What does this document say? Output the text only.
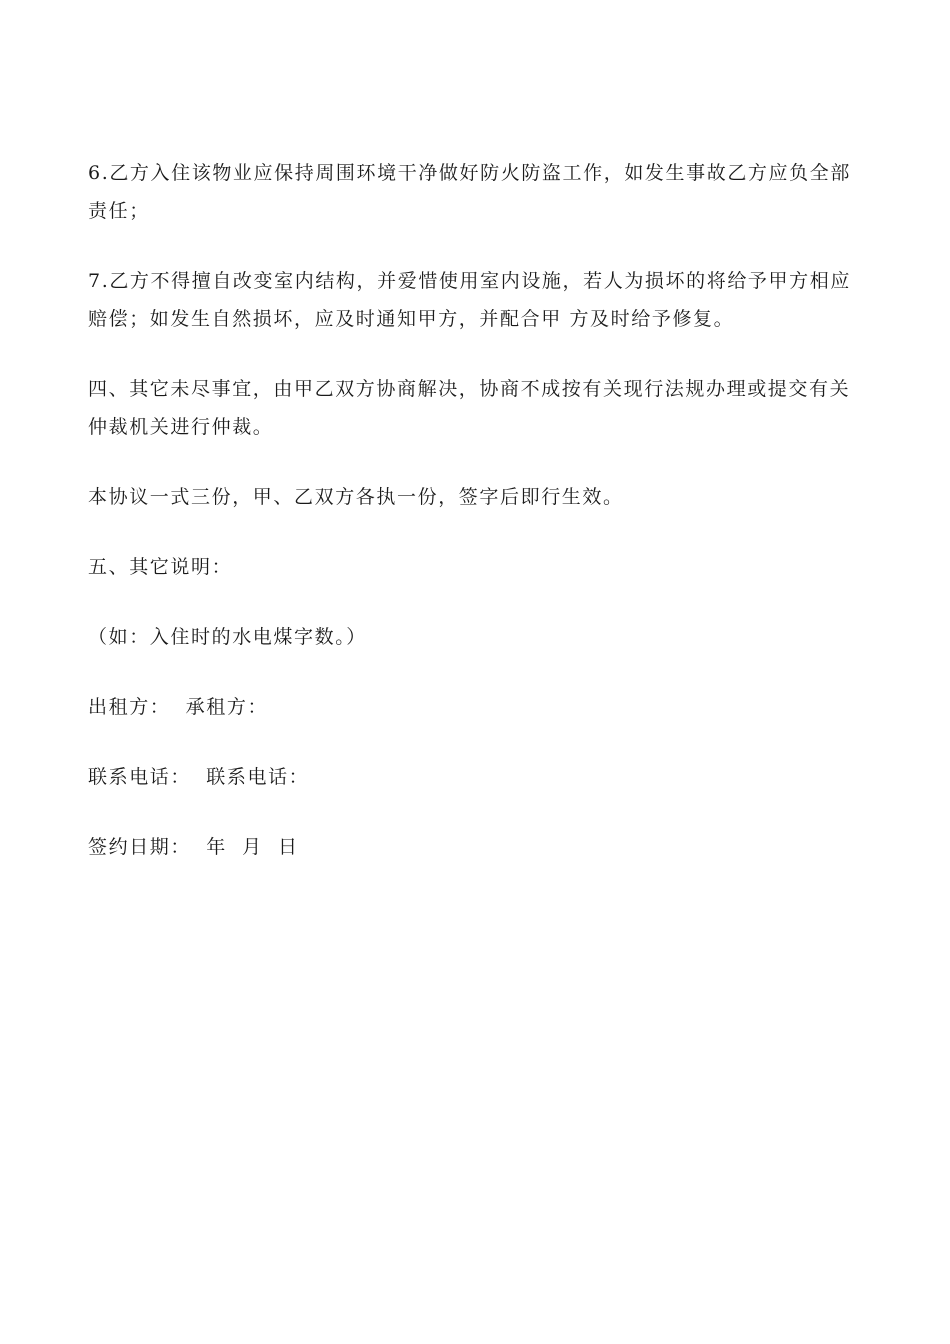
6.乙方入住该物业应保持周围环境干净做好防火防盗工作，如发生事故乙方应负全部责任；

7.乙方不得擅自改变室内结构，并爱惜使用室内设施，若人为损坏的将给予甲方相应赔偿；如发生自然损坏，应及时通知甲方，并配合甲 方及时给予修复。

四、其它未尽事宜，由甲乙双方协商解决，协商不成按有关现行法规办理或提交有关仲裁机关进行仲裁。

本协议一式三份，甲、乙双方各执一份，签字后即行生效。

五、其它说明：

（如：入住时的水电煤字数。）

出租方：  承租方：

联系电话：  联系电话：

签约日期：  年  月  日
